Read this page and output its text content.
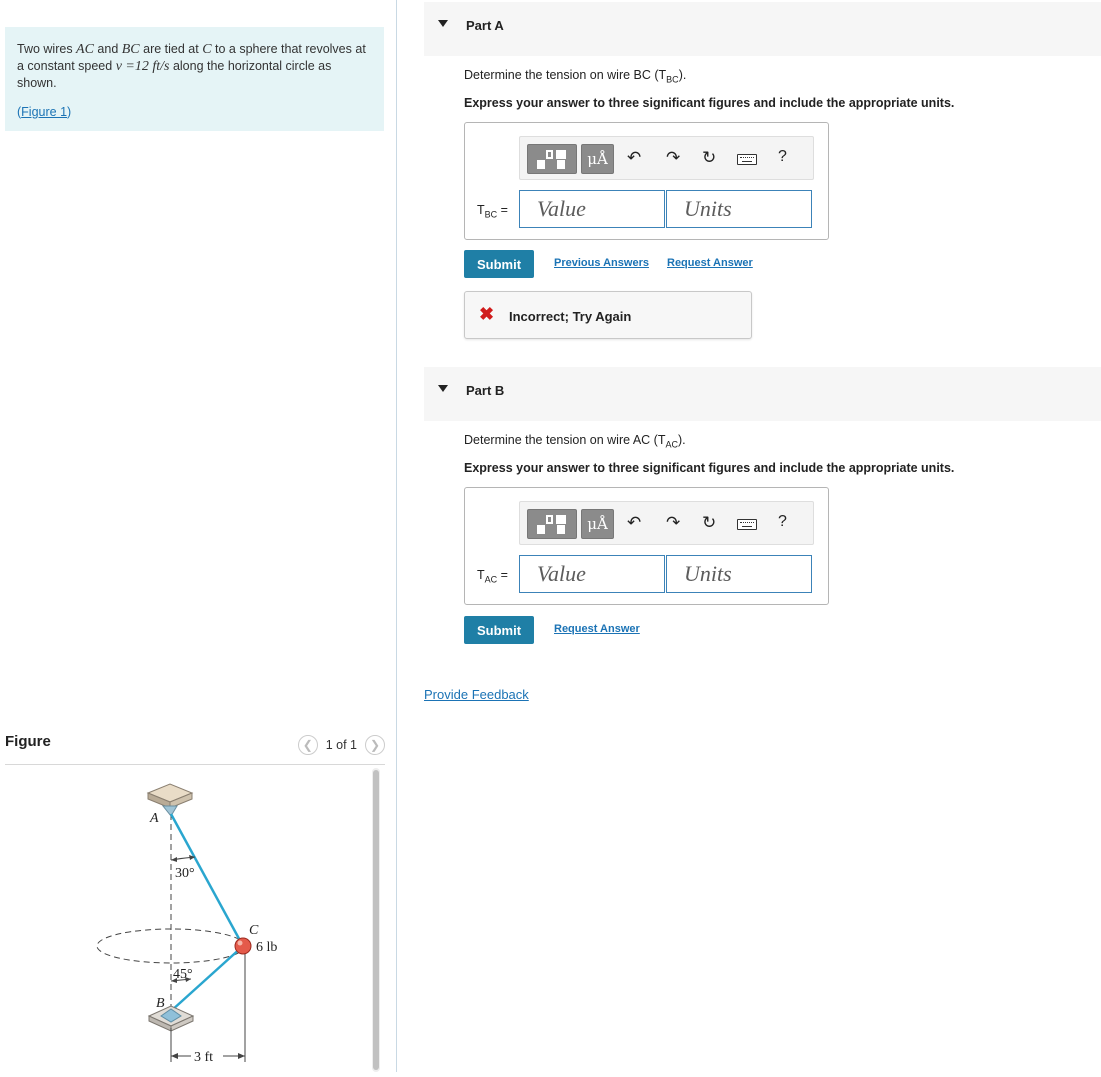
Two wires AC and BC are tied at C to a sphere that revolves at a constant speed v =12 ft/s along the horizontal circle as shown.
(Figure 1)
Figure	❮ 1 of 1 ❯
A
30°
C
6 lb
45°
B
3 ft
Part A
Determine the tension on wire BC $(T_{BC})$.
Express your answer to three significant figures and include the appropriate units.
μÅ	↶ ↷ ↻	?
$T_{BC}$ =	Value	Units
Submit	Previous Answers Request Answer
✖ Incorrect; Try Again
Part B
Determine the tension on wire AC $(T_{AC})$.
Express your answer to three significant figures and include the appropriate units.
μÅ	↶ ↷ ↻	?
$T_{AC}$ =	Value	Units
Submit	Request Answer
Provide Feedback
